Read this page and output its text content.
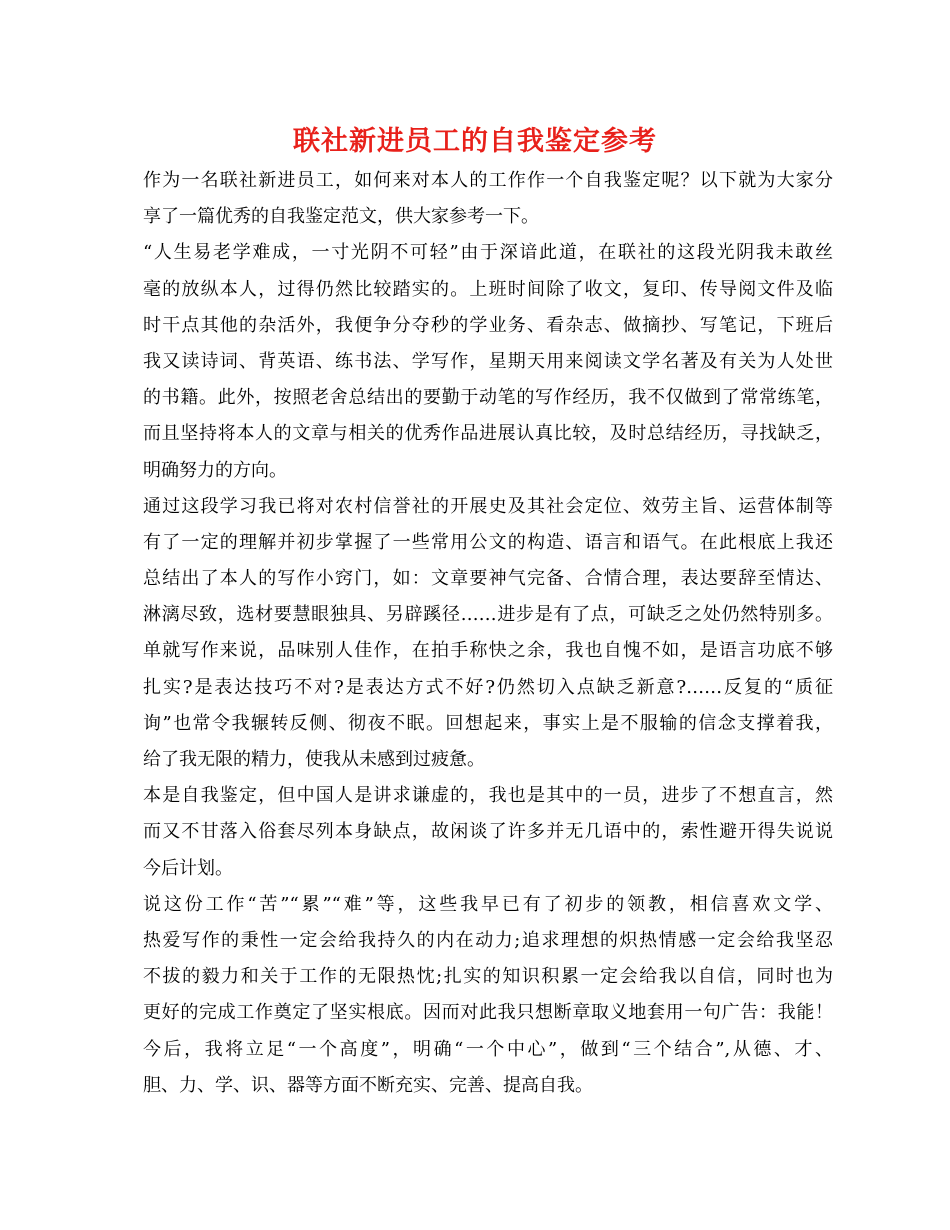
联社新进员工的自我鉴定参考
作为一名联社新进员工，如何来对本人的工作作一个自我鉴定呢？以下就为大家分
享了一篇优秀的自我鉴定范文，供大家参考一下。
“人生易老学难成，一寸光阴不可轻”由于深谙此道，在联社的这段光阴我未敢丝
毫的放纵本人，过得仍然比较踏实的。上班时间除了收文，复印、传导阅文件及临
时干点其他的杂活外，我便争分夺秒的学业务、看杂志、做摘抄、写笔记，下班后
我又读诗词、背英语、练书法、学写作，星期天用来阅读文学名著及有关为人处世
的书籍。此外，按照老舍总结出的要勤于动笔的写作经历，我不仅做到了常常练笔，
而且坚持将本人的文章与相关的优秀作品进展认真比较，及时总结经历，寻找缺乏，
明确努力的方向。
通过这段学习我已将对农村信誉社的开展史及其社会定位、效劳主旨、运营体制等
有了一定的理解并初步掌握了一些常用公文的构造、语言和语气。在此根底上我还
总结出了本人的写作小窍门，如：文章要神气完备、合情合理，表达要辞至情达、
淋漓尽致，选材要慧眼独具、另辟蹊径……进步是有了点，可缺乏之处仍然特别多。
单就写作来说，品味别人佳作，在拍手称快之余，我也自愧不如，是语言功底不够
扎实?是表达技巧不对?是表达方式不好?仍然切入点缺乏新意?……反复的“质征
询”也常令我辗转反侧、彻夜不眠。回想起来，事实上是不服输的信念支撑着我，
给了我无限的精力，使我从未感到过疲惫。
本是自我鉴定，但中国人是讲求谦虚的，我也是其中的一员，进步了不想直言，然
而又不甘落入俗套尽列本身缺点，故闲谈了许多并无几语中的，索性避开得失说说
今后计划。
说这份工作“苦”“累”“难”等，这些我早已有了初步的领教，相信喜欢文学、
热爱写作的秉性一定会给我持久的内在动力;追求理想的炽热情感一定会给我坚忍
不拔的毅力和关于工作的无限热忱;扎实的知识积累一定会给我以自信，同时也为
更好的完成工作奠定了坚实根底。因而对此我只想断章取义地套用一句广告：我能！
今后，我将立足“一个高度”，明确“一个中心”，做到“三个结合”,从德、才、
胆、力、学、识、器等方面不断充实、完善、提高自我。
